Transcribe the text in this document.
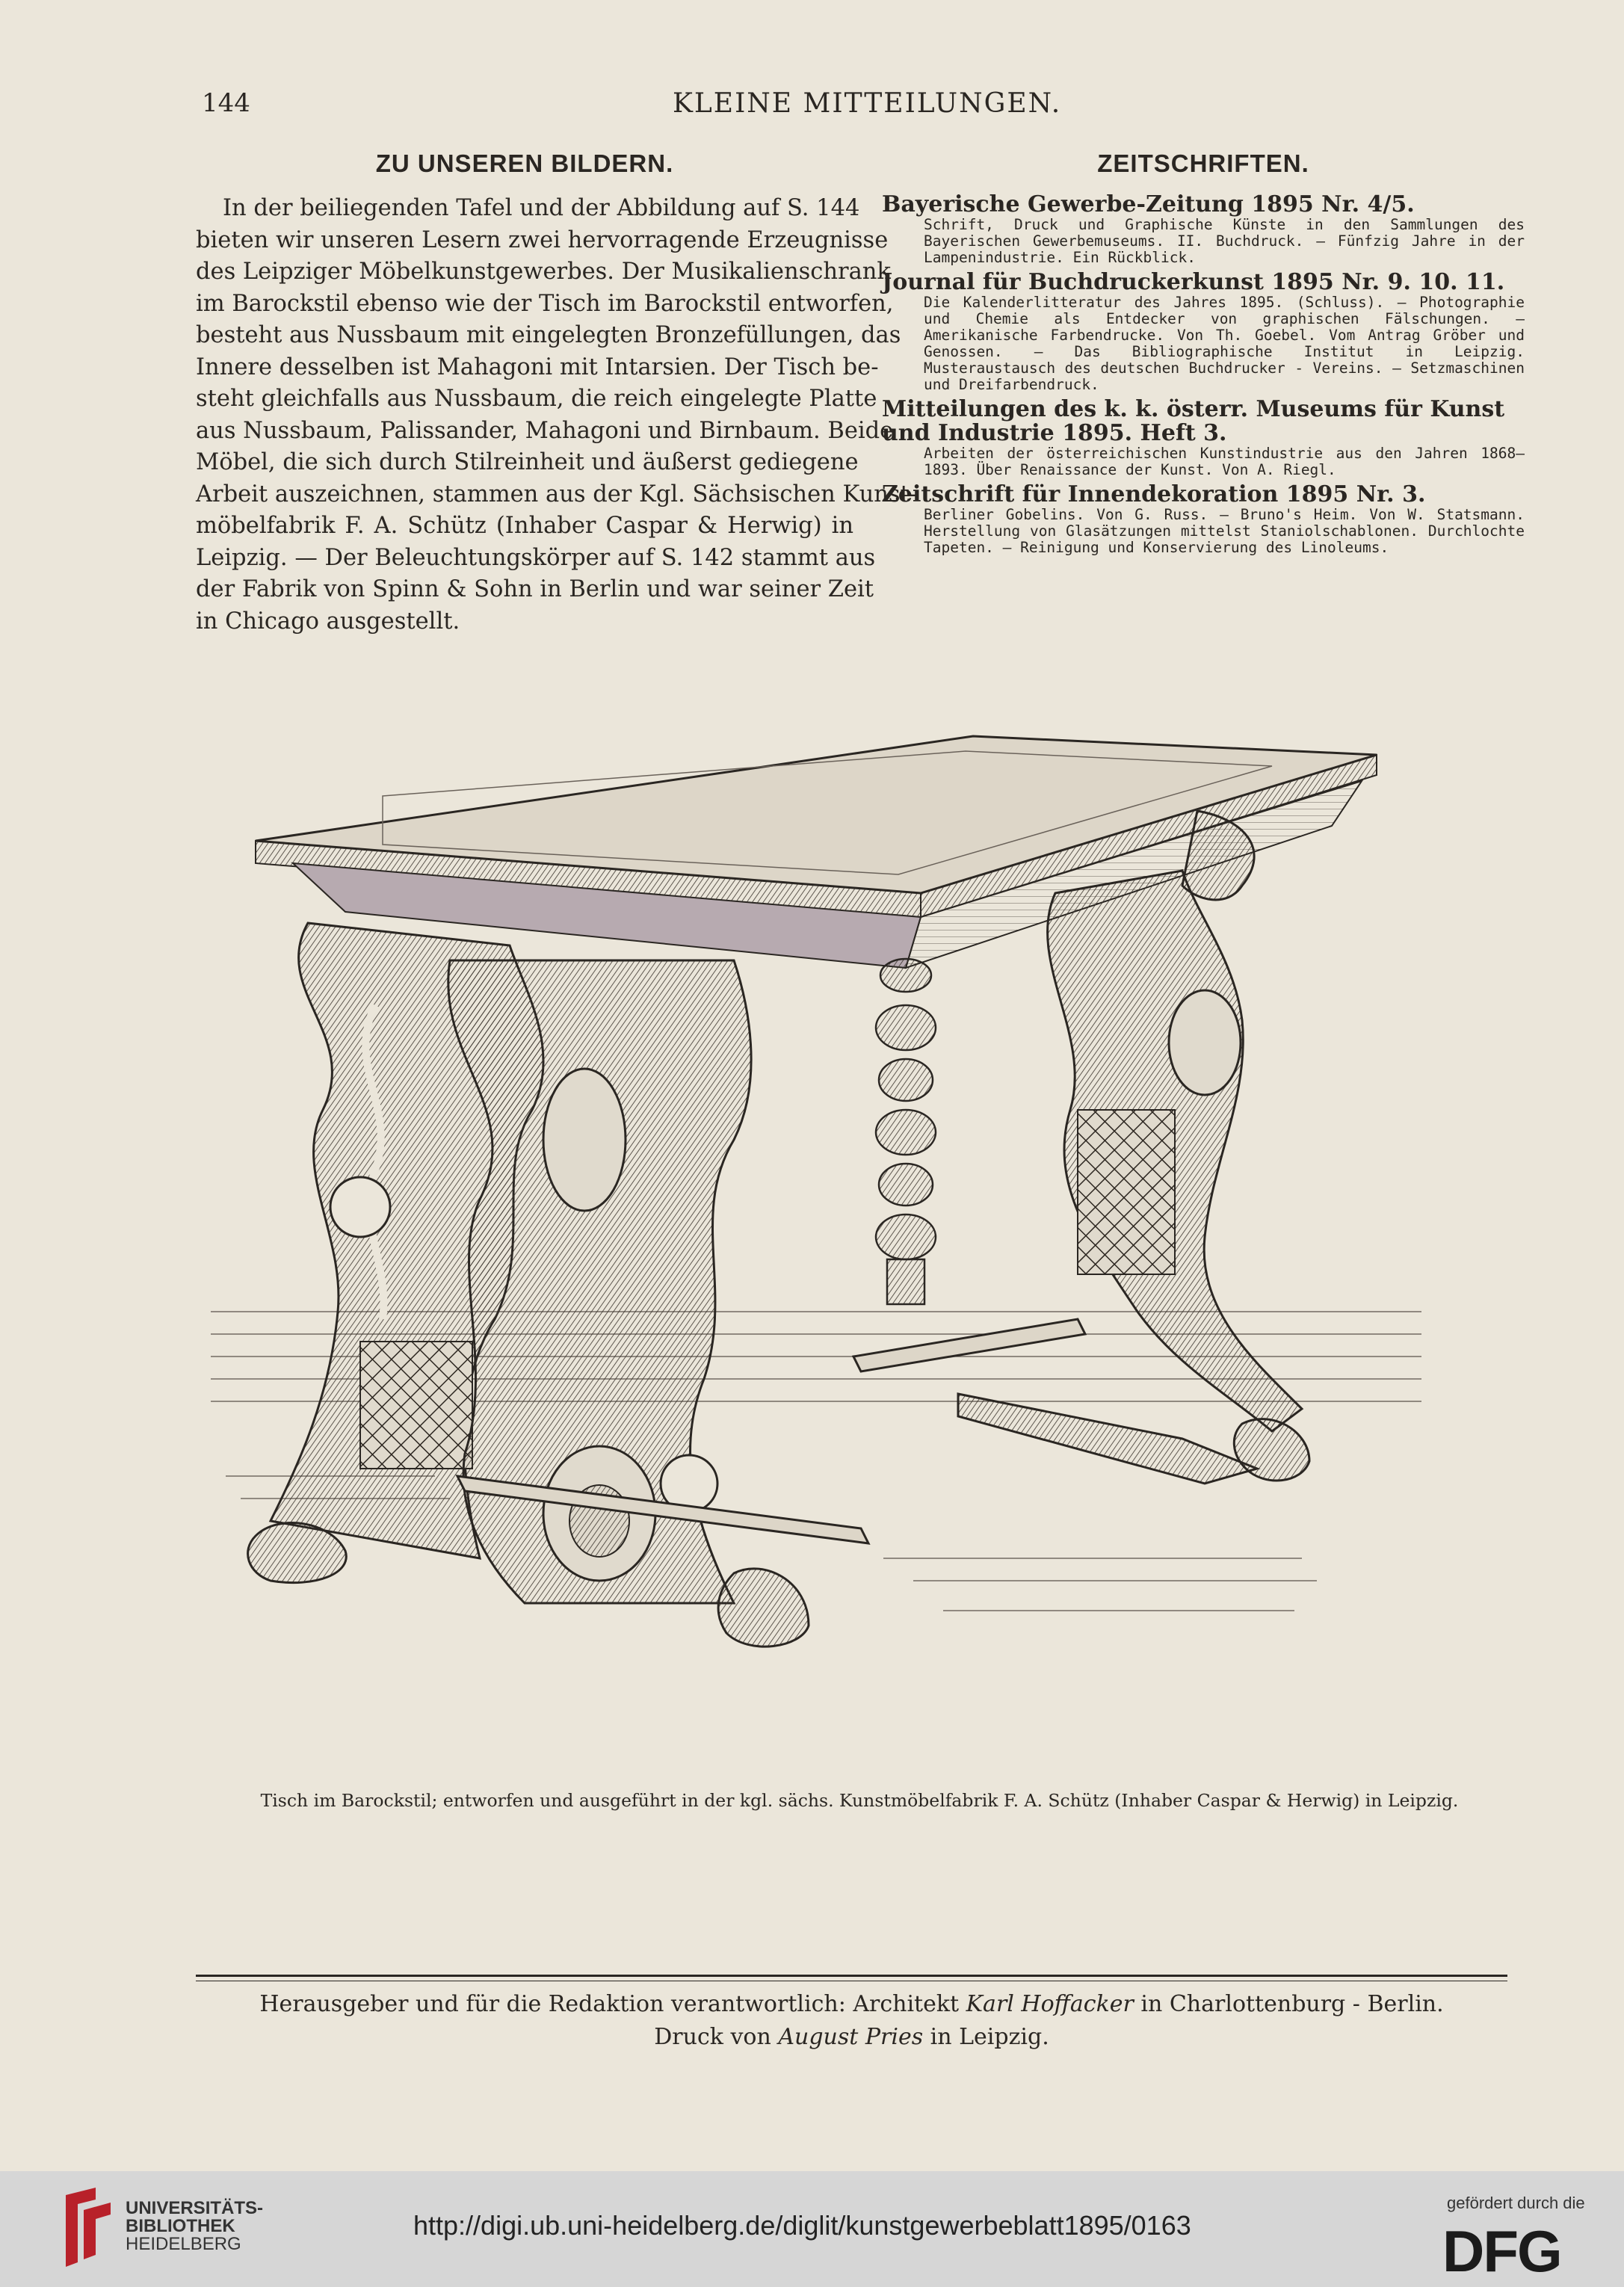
144	KLEINE MITTEILUNGEN.
ZU UNSEREN BILDERN.

In der beiliegenden Tafel und der Abbildung auf S. 144
bieten wir unseren Lesern zwei hervorragende Erzeugnisse
des Leipziger Möbelkunstgewerbes. Der Musikalienschrank
im Barockstil ebenso wie der Tisch im Barockstil entworfen,
besteht aus Nussbaum mit eingelegten Bronzefüllungen, das
Innere desselben ist Mahagoni mit Intarsien. Der Tisch be-
steht gleichfalls aus Nussbaum, die reich eingelegte Platte
aus Nussbaum, Palissander, Mahagoni und Birnbaum. Beide
Möbel, die sich durch Stilreinheit und äußerst gediegene
Arbeit auszeichnen, stammen aus der Kgl. Sächsischen Kunst-
möbelfabrik F. A. Schütz (Inhaber Caspar & Herwig) in
Leipzig. — Der Beleuchtungskörper auf S. 142 stammt aus
der Fabrik von Spinn & Sohn in Berlin und war seiner Zeit
in Chicago ausgestellt.

ZEITSCHRIFTEN.

Bayerische Gewerbe-Zeitung 1895 Nr. 4/5.

Schrift, Druck und Graphische Künste in den Sammlungen des Bayerischen Gewerbemuseums. II. Buchdruck. — Fünfzig Jahre in der Lampenindustrie. Ein Rückblick.

Journal für Buchdruckerkunst 1895 Nr. 9. 10. 11.

Die Kalenderlitteratur des Jahres 1895. (Schluss). — Photographie und Chemie als Entdecker von graphischen Fälschungen. — Amerikanische Farbendrucke. Von Th. Goebel. Vom Antrag Gröber und Genossen. — Das Bibliographische Institut in Leipzig. Musteraustausch des deutschen Buchdrucker - Vereins. — Setzmaschinen und Dreifarbendruck.

Mitteilungen des k. k. österr. Museums für Kunst und Industrie 1895. Heft 3.

Arbeiten der österreichischen Kunstindustrie aus den Jahren 1868—1893. Über Renaissance der Kunst. Von A. Riegl.

Zeitschrift für Innendekoration 1895 Nr. 3.

Berliner Gobelins. Von G. Russ. — Bruno's Heim. Von W. Statsmann. Herstellung von Glasätzungen mittelst Staniolschablonen. Durchlochte Tapeten. — Reinigung und Konservierung des Linoleums.

Tisch im Barockstil; entworfen und ausgeführt in der kgl. sächs. Kunstmöbelfabrik F. A. Schütz (Inhaber Caspar & Herwig) in Leipzig.
Herausgeber und für die Redaktion verantwortlich: Architekt Karl Hoffacker in Charlottenburg - Berlin.
Druck von August Pries in Leipzig.
UNIVERSITÄTS-
BIBLIOTHEK
HEIDELBERG
http://digi.ub.uni-heidelberg.de/diglit/kunstgewerbeblatt1895/0163
gefördert durch die
DFG
